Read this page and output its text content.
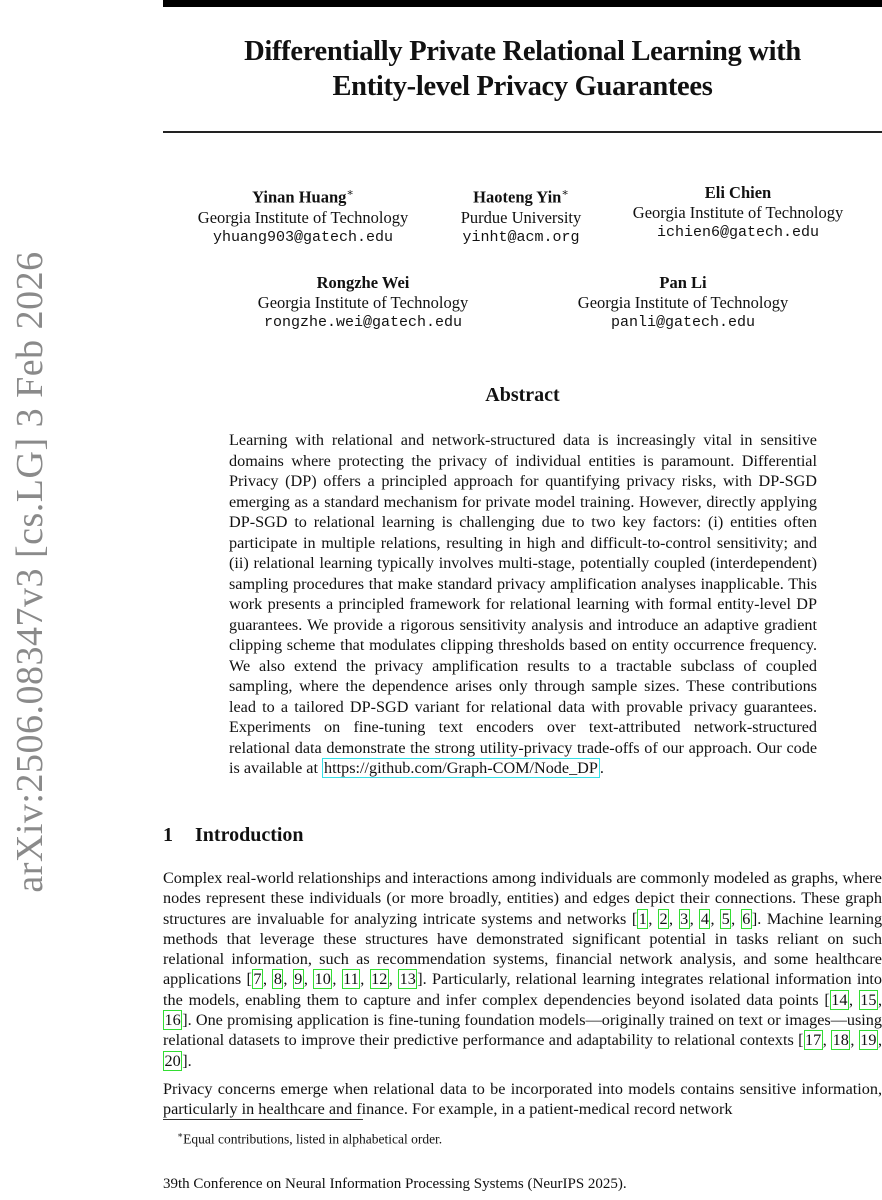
arXiv:2506.08347v3 [cs.LG] 3 Feb 2026
Differentially Private Relational Learning with
Entity-level Privacy Guarantees
Yinan Huang∗
Georgia Institute of Technology
yhuang903@gatech.edu
Haoteng Yin∗
Purdue University
yinht@acm.org
Eli Chien
Georgia Institute of Technology
ichien6@gatech.edu
Rongzhe Wei
Georgia Institute of Technology
rongzhe.wei@gatech.edu
Pan Li
Georgia Institute of Technology
panli@gatech.edu
Abstract
Learning with relational and network-structured data is increasingly vital in sensitive domains where protecting the privacy of individual entities is paramount. Differential Privacy (DP) offers a principled approach for quantifying privacy risks, with DP-SGD emerging as a standard mechanism for private model training. However, directly applying DP-SGD to relational learning is challenging due to two key factors: (i) entities often participate in multiple relations, resulting in high and difficult-to-control sensitivity; and (ii) relational learning typically involves multi-stage, potentially coupled (interdependent) sampling procedures that make standard privacy amplification analyses inapplicable. This work presents a principled framework for relational learning with formal entity-level DP guarantees. We provide a rigorous sensitivity analysis and introduce an adaptive gradient clipping scheme that modulates clipping thresholds based on entity occurrence frequency. We also extend the privacy amplification results to a tractable subclass of coupled sampling, where the dependence arises only through sample sizes. These contributions lead to a tailored DP-SGD variant for relational data with provable privacy guarantees. Experiments on fine-tuning text encoders over text-attributed network-structured relational data demonstrate the strong utility-privacy trade-offs of our approach. Our code is available at https://github.com/Graph-COM/Node_DP .
1 Introduction
Complex real-world relationships and interactions among individuals are commonly modeled as graphs, where nodes represent these individuals (or more broadly, entities) and edges depict their connections. These graph structures are invaluable for analyzing intricate systems and networks [1, 2, 3, 4, 5, 6]. Machine learning methods that leverage these structures have demonstrated significant potential in tasks reliant on such relational information, such as recommendation systems, financial network analysis, and some healthcare applications [7, 8, 9, 10, 11, 12, 13]. Particularly, relational learning integrates relational information into the models, enabling them to capture and infer complex dependencies beyond isolated data points [14, 15, 16]. One promising application is fine-tuning foundation models—originally trained on text or images—using relational datasets to improve their predictive performance and adaptability to relational contexts [17, 18, 19, 20].
Privacy concerns emerge when relational data to be incorporated into models contains sensitive information, particularly in healthcare and finance. For example, in a patient-medical record network
∗Equal contributions, listed in alphabetical order.
39th Conference on Neural Information Processing Systems (NeurIPS 2025).
